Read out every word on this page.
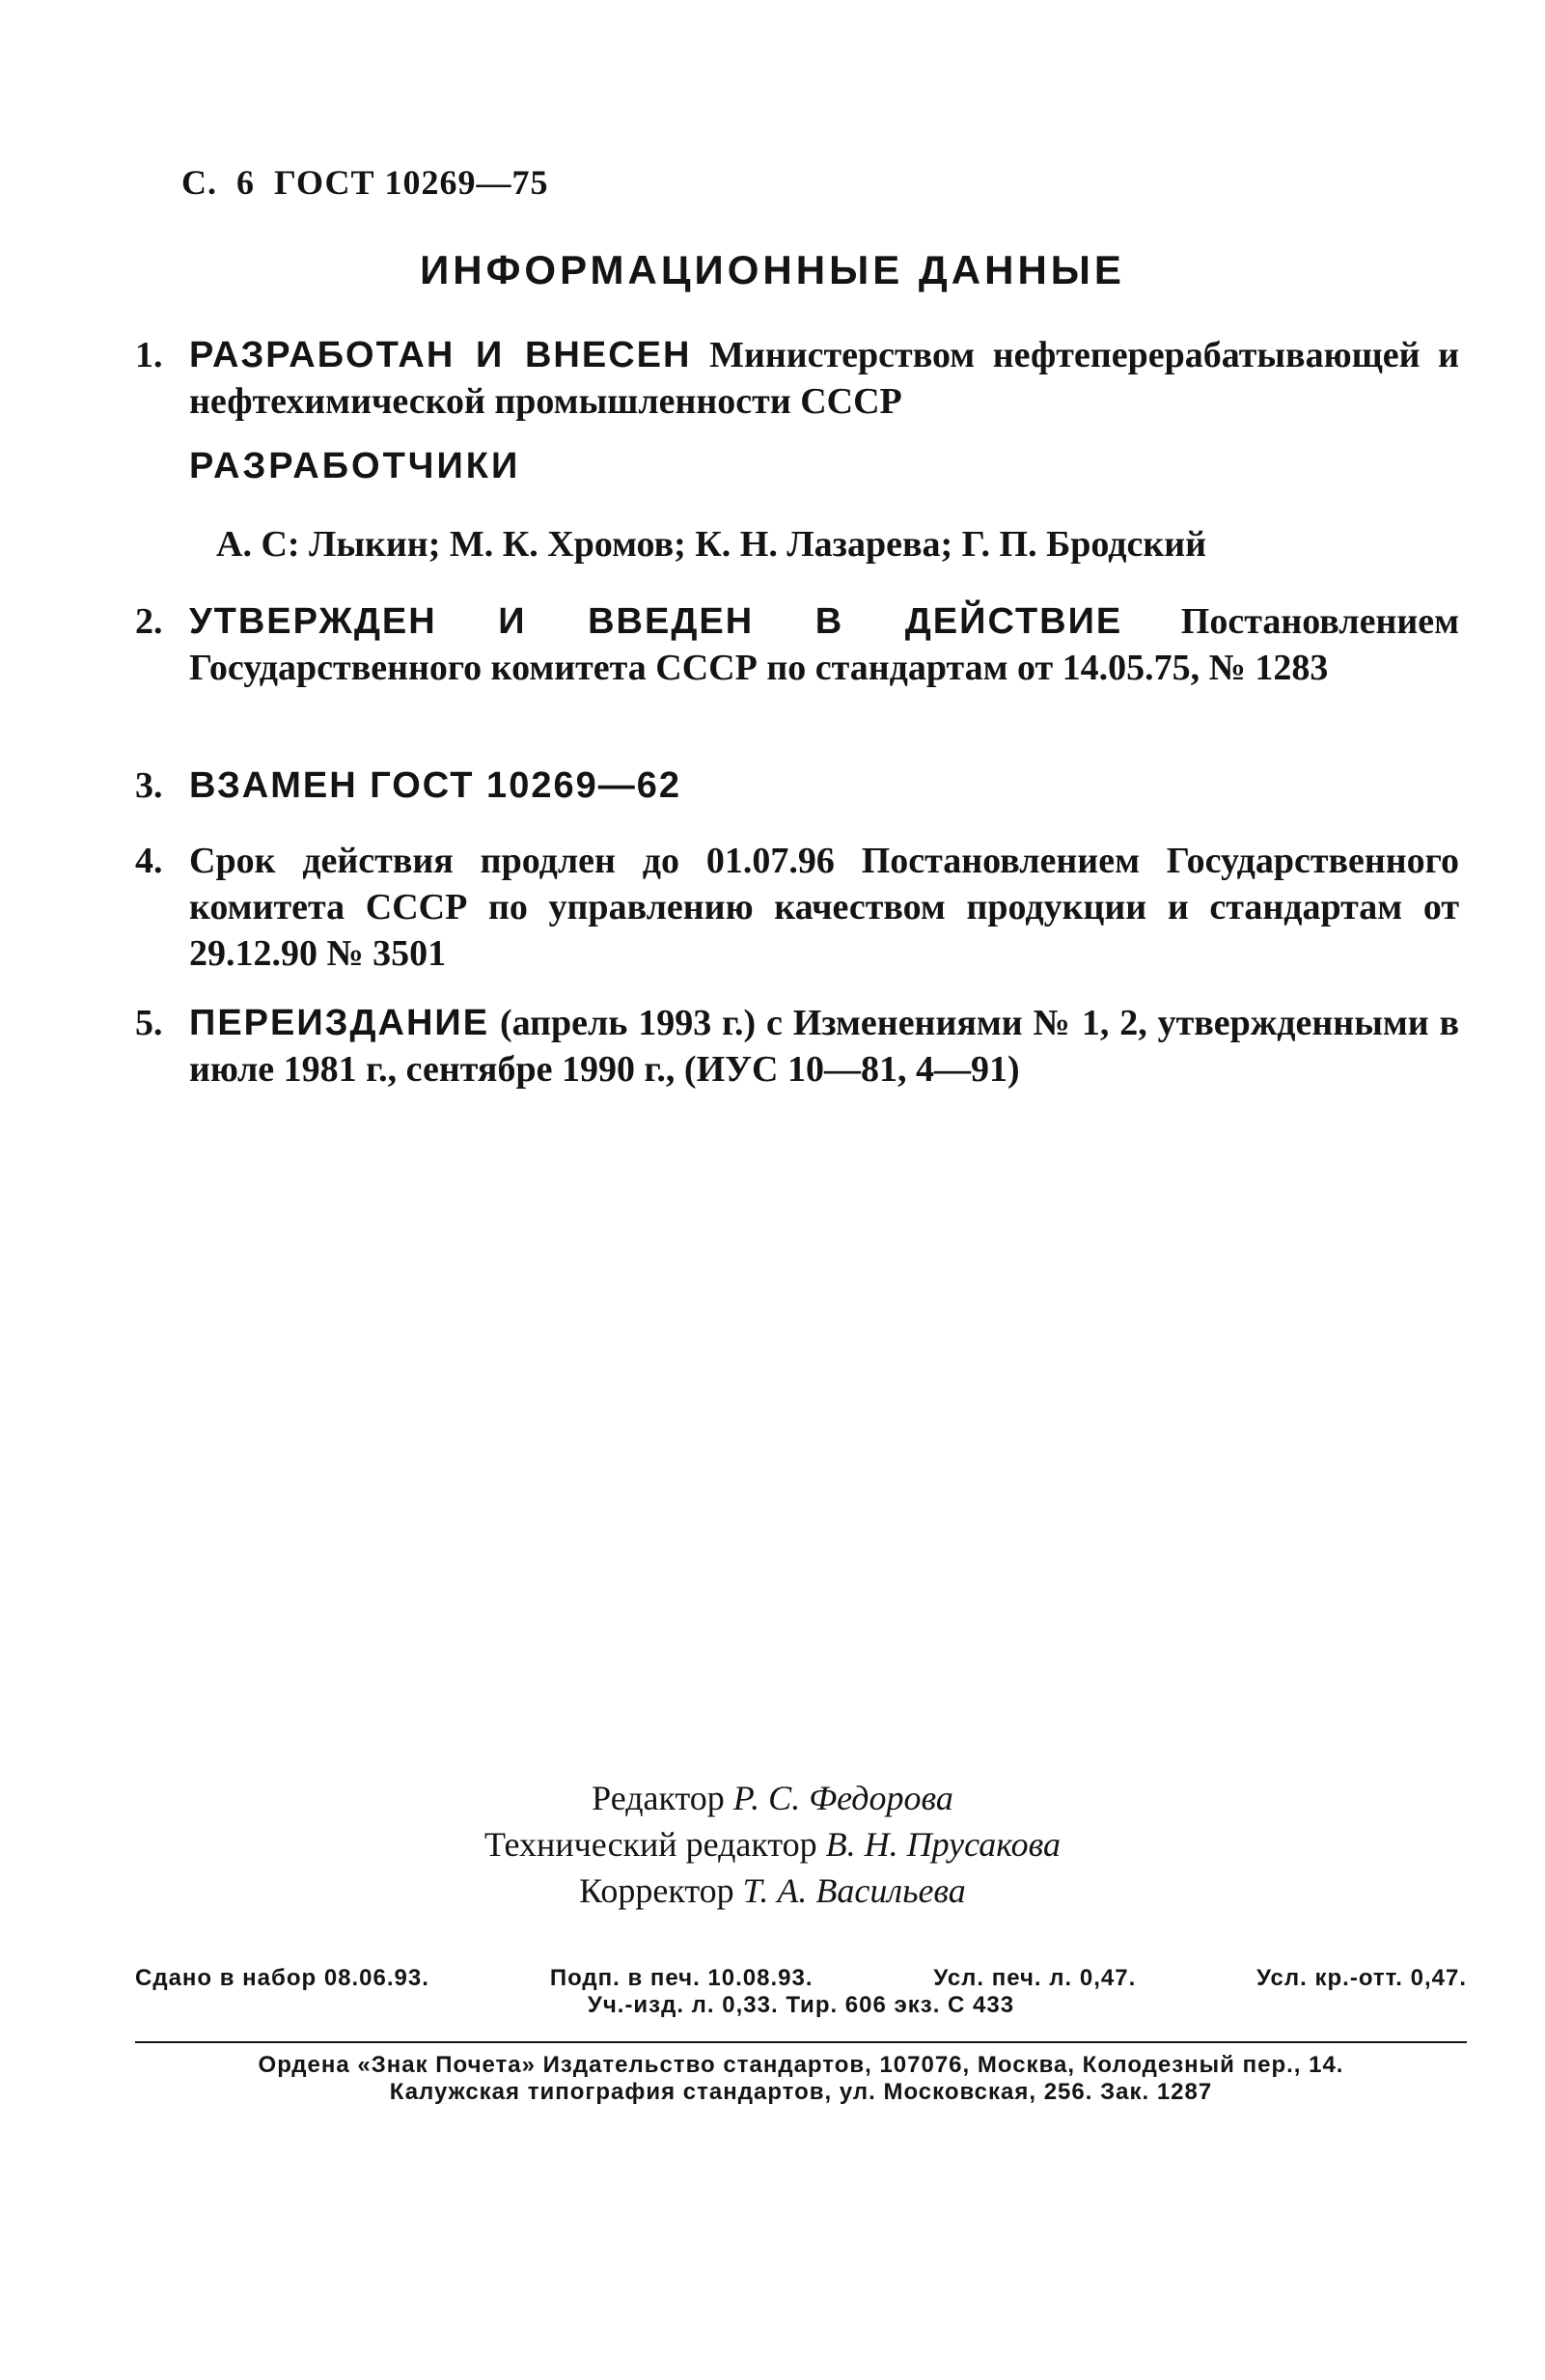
С. 6 ГОСТ 10269—75
ИНФОРМАЦИОННЫЕ ДАННЫЕ
1. РАЗРАБОТАН И ВНЕСЕН Министерством нефтеперерабатывающей и нефтехимической промышленности СССР
РАЗРАБОТЧИКИ
А. С: Лыкин; М. К. Хромов; К. Н. Лазарева; Г. П. Бродский
2. УТВЕРЖДЕН И ВВЕДЕН В ДЕЙСТВИЕ Постановлением Государственного комитета СССР по стандартам от 14.05.75, № 1283
3. ВЗАМЕН ГОСТ 10269—62
4. Срок действия продлен до 01.07.96 Постановлением Государственного комитета СССР по управлению качеством продукции и стандартам от 29.12.90 № 3501
5. ПЕРЕИЗДАНИЕ (апрель 1993 г.) с Изменениями № 1, 2, утвержденными в июле 1981 г., сентябре 1990 г., (ИУС 10—81, 4—91)
Редактор Р. С. Федорова
Технический редактор В. Н. Прусакова
Корректор Т. А. Васильева
Сдано в набор 08.06.93.	Подп. в печ. 10.08.93.	Усл. печ. л. 0,47.	Усл. кр.-отт. 0,47.
Уч.-изд. л. 0,33. Тир. 606 экз. С 433
Ордена «Знак Почета» Издательство стандартов, 107076, Москва, Колодезный пер., 14.
Калужская типография стандартов, ул. Московская, 256. Зак. 1287
